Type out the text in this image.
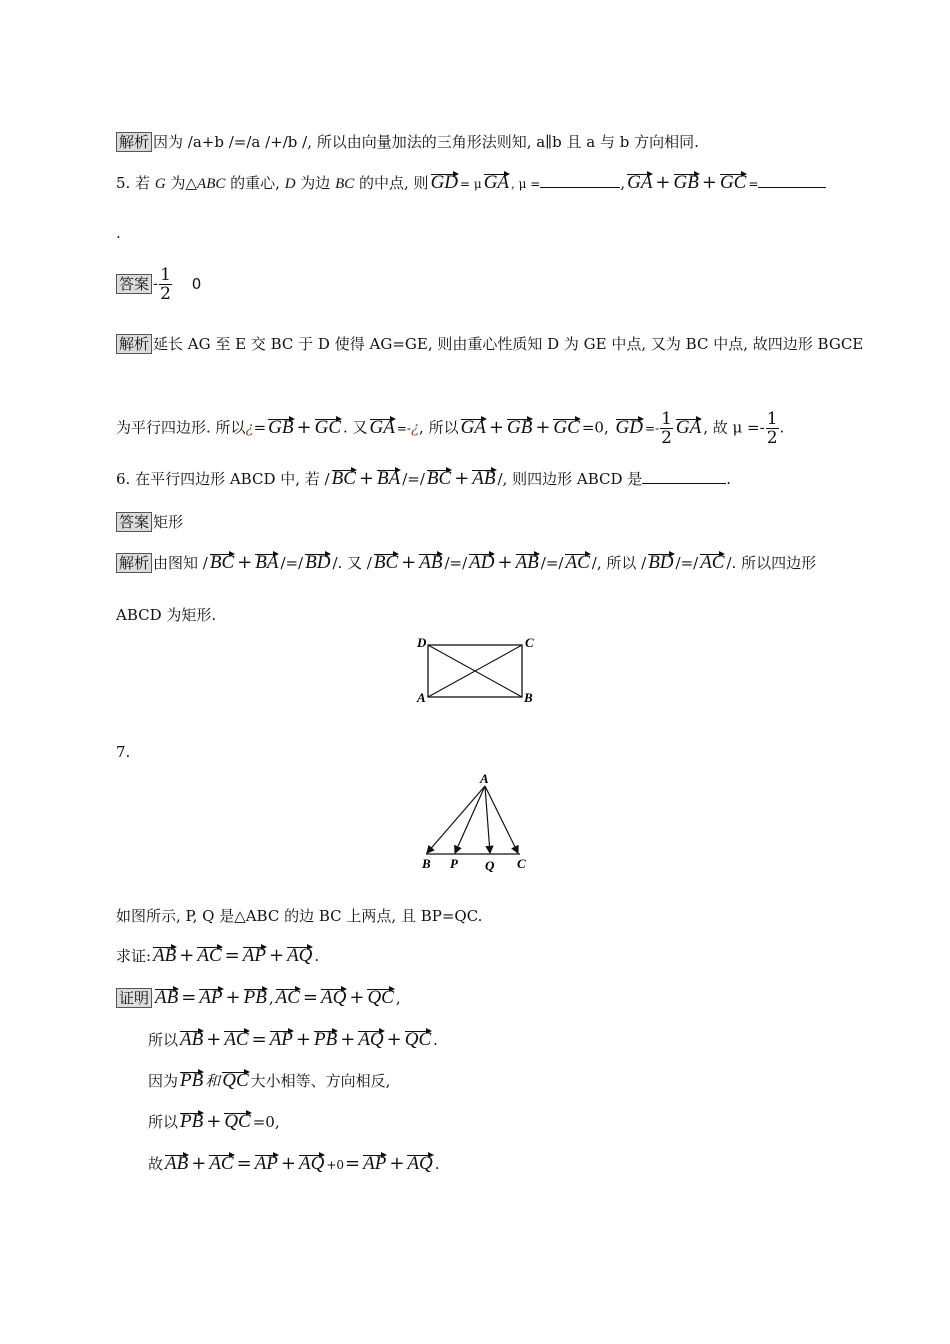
解析 因为 /a+b /=/a /+/b /, 所以由向量加法的三角形法则知, a∥b 且 a 与 b 方向相同.
5. 若 G 为△ABC 的重心, D 为边 BC 的中点, 则 GD = μ GA , μ =	, GA + GB + GC =
.
答案 - $\frac{1}{2} 0$
解析 延长 AG 至 E 交 BC 于 D 使得 AG=GE, 则由重心性质知 D 为 GE 中点, 又为 BC 中点, 故四边形 BGCE
为平行四边形. 所以¿= GB + GC . 又 GA =-¿, 所以 GA + GB + GC =0, GD =- $\frac{1}{2}$ GA , 故 $\mu =- \frac{1}{2}$ .
6. 在平行四边形 ABCD 中, 若 / BC + BA /=/ BC + AB /, 则四边形 ABCD 是	.
答案 矩形
解析 由图知 / BC + BA /=/ BD /. 又 / BC + AB /=/ AD + AB /=/ AC /, 所以 / BD /=/ AC /. 所以四边形
ABCD 为矩形.
D	C
A	B
7.
A
B P Q C
如图所示, P, Q 是△ABC 的边 BC 上两点, 且 BP=QC.
求证: AB + AC = AP + AQ .
证明 AB = AP + PB , AC = AQ + QC ,
所以 AB + AC = AP + PB + AQ + QC .
因为 PB 和 QC 大小相等、方向相反,
所以 PB + QC =0,
故 AB + AC = AP + AQ +0= AP + AQ .
